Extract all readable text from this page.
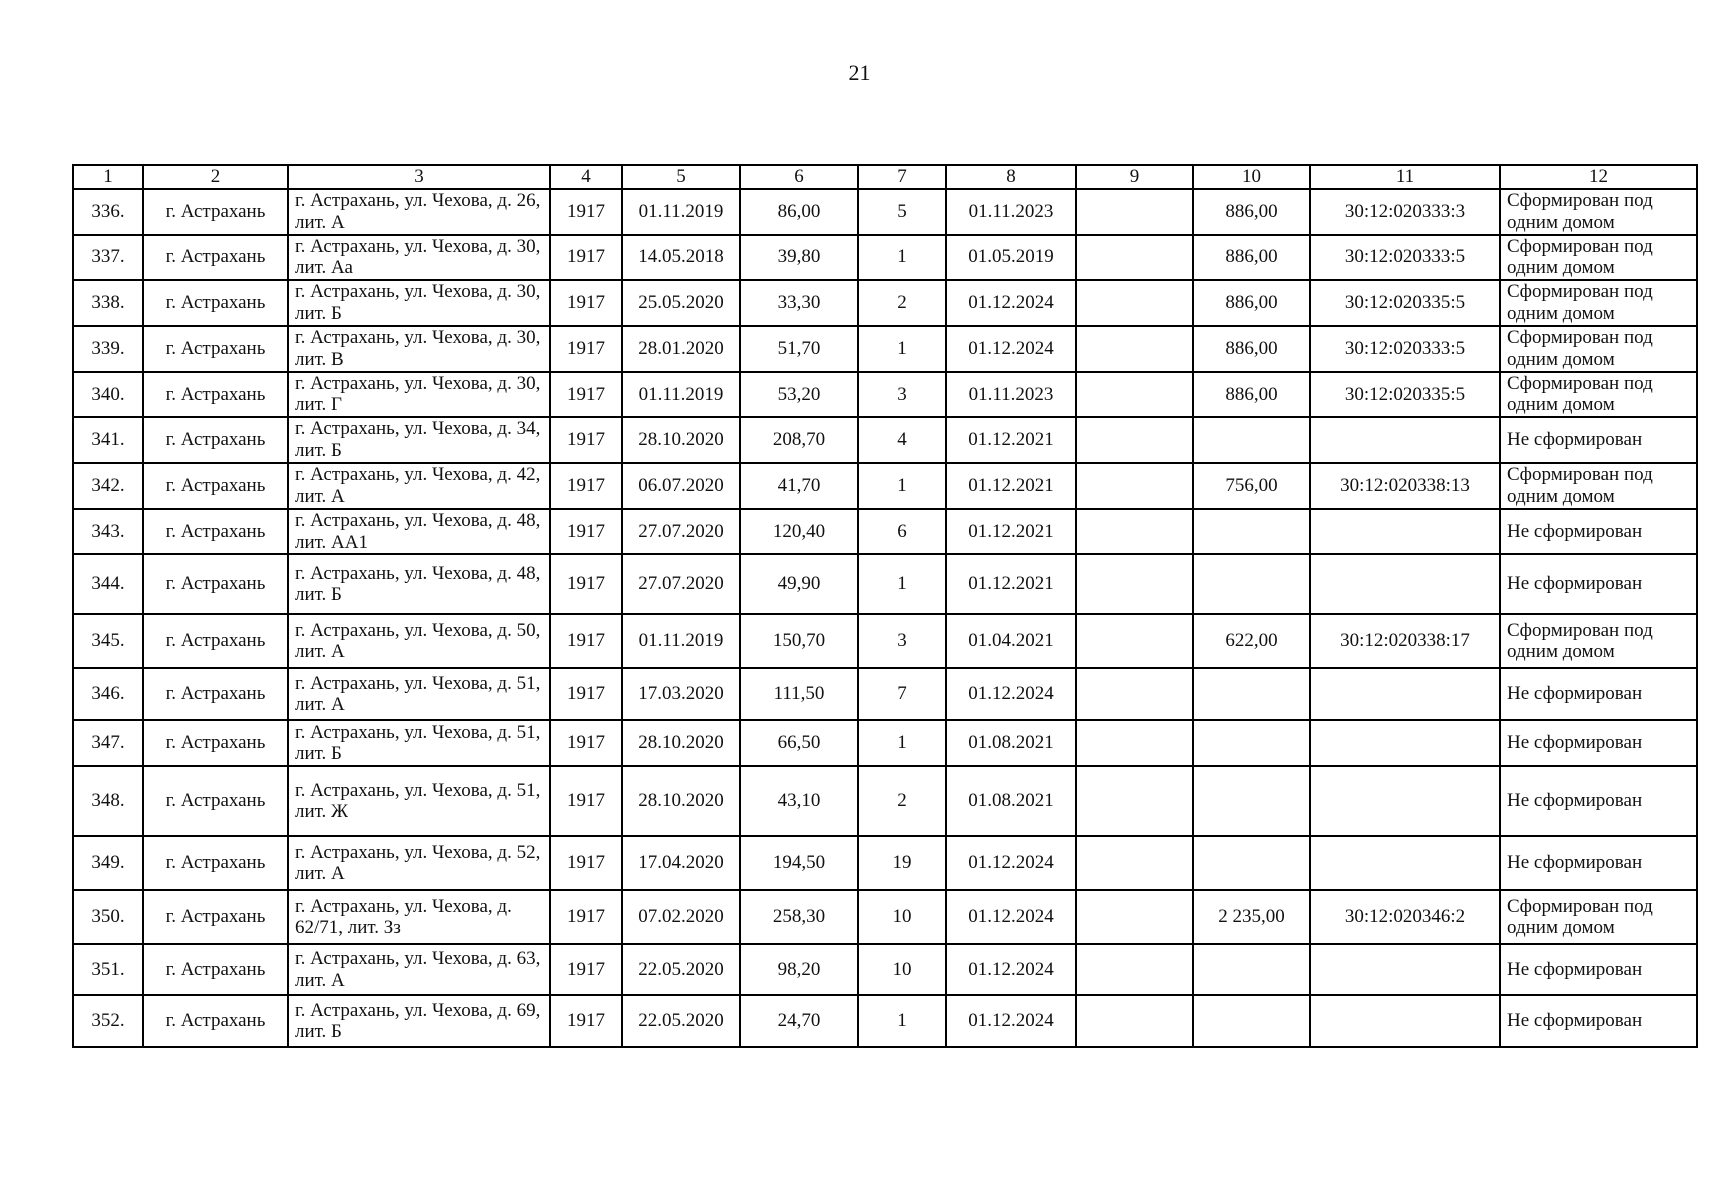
21
1	2	3	4	5	6	7	8	9	10	11	12
336.	г. Астрахань	г. Астрахань, ул. Чехова, д. 26, лит. А	1917	01.11.2019	86,00	5	01.11.2023		886,00	30:12:020333:3	Сформирован под одним домом
337.	г. Астрахань	г. Астрахань, ул. Чехова, д. 30, лит. Аа	1917	14.05.2018	39,80	1	01.05.2019		886,00	30:12:020333:5	Сформирован под одним домом
338.	г. Астрахань	г. Астрахань, ул. Чехова, д. 30, лит. Б	1917	25.05.2020	33,30	2	01.12.2024		886,00	30:12:020335:5	Сформирован под одним домом
339.	г. Астрахань	г. Астрахань, ул. Чехова, д. 30, лит. В	1917	28.01.2020	51,70	1	01.12.2024		886,00	30:12:020333:5	Сформирован под одним домом
340.	г. Астрахань	г. Астрахань, ул. Чехова, д. 30, лит. Г	1917	01.11.2019	53,20	3	01.11.2023		886,00	30:12:020335:5	Сформирован под одним домом
341.	г. Астрахань	г. Астрахань, ул. Чехова, д. 34, лит. Б	1917	28.10.2020	208,70	4	01.12.2021				Не сформирован
342.	г. Астрахань	г. Астрахань, ул. Чехова, д. 42, лит. А	1917	06.07.2020	41,70	1	01.12.2021		756,00	30:12:020338:13	Сформирован под одним домом
343.	г. Астрахань	г. Астрахань, ул. Чехова, д. 48, лит. АА1	1917	27.07.2020	120,40	6	01.12.2021				Не сформирован
344.	г. Астрахань	г. Астрахань, ул. Чехова, д. 48, лит. Б	1917	27.07.2020	49,90	1	01.12.2021				Не сформирован
345.	г. Астрахань	г. Астрахань, ул. Чехова, д. 50, лит. А	1917	01.11.2019	150,70	3	01.04.2021		622,00	30:12:020338:17	Сформирован под одним домом
346.	г. Астрахань	г. Астрахань, ул. Чехова, д. 51, лит. А	1917	17.03.2020	111,50	7	01.12.2024				Не сформирован
347.	г. Астрахань	г. Астрахань, ул. Чехова, д. 51, лит. Б	1917	28.10.2020	66,50	1	01.08.2021				Не сформирован
348.	г. Астрахань	г. Астрахань, ул. Чехова, д. 51, лит. Ж	1917	28.10.2020	43,10	2	01.08.2021				Не сформирован
349.	г. Астрахань	г. Астрахань, ул. Чехова, д. 52, лит. А	1917	17.04.2020	194,50	19	01.12.2024				Не сформирован
350.	г. Астрахань	г. Астрахань, ул. Чехова, д. 62/71, лит. Зз	1917	07.02.2020	258,30	10	01.12.2024		2 235,00	30:12:020346:2	Сформирован под одним домом
351.	г. Астрахань	г. Астрахань, ул. Чехова, д. 63, лит. А	1917	22.05.2020	98,20	10	01.12.2024				Не сформирован
352.	г. Астрахань	г. Астрахань, ул. Чехова, д. 69, лит. Б	1917	22.05.2020	24,70	1	01.12.2024				Не сформирован
